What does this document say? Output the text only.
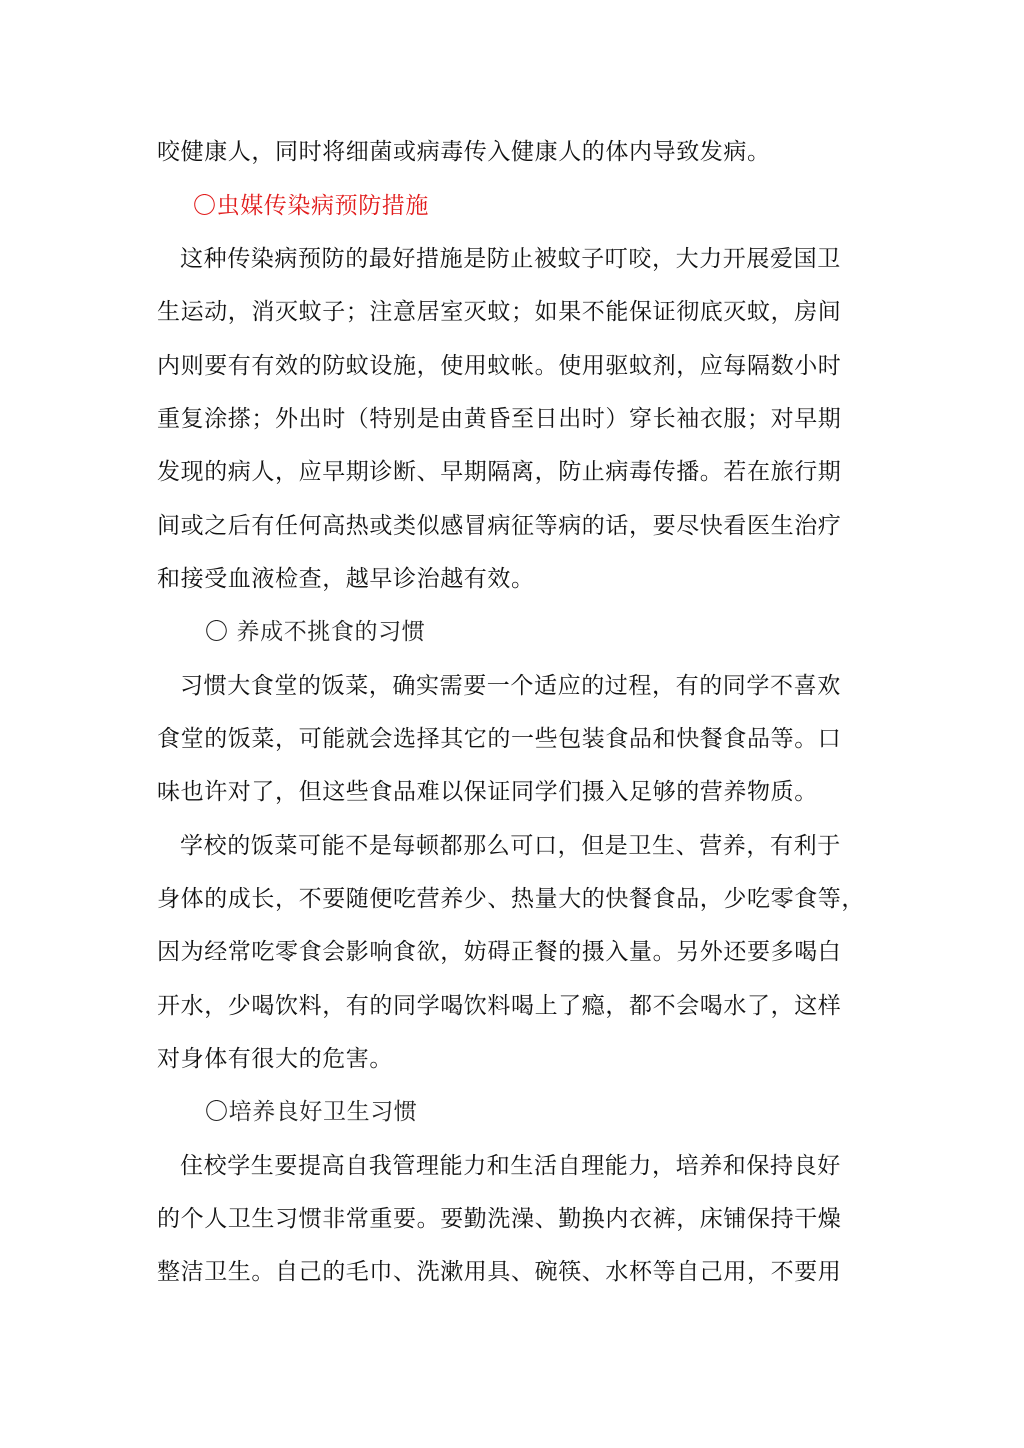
咬健康人，同时将细菌或病毒传入健康人的体内导致发病。
〇虫媒传染病预防措施
这种传染病预防的最好措施是防止被蚊子叮咬，大力开展爱国卫
生运动，消灭蚊子；注意居室灭蚊；如果不能保证彻底灭蚊，房间
内则要有有效的防蚊设施，使用蚊帐。使用驱蚊剂，应每隔数小时
重复涂搽；外出时（特别是由黄昏至日出时）穿长袖衣服；对早期
发现的病人，应早期诊断、早期隔离，防止病毒传播。若在旅行期
间或之后有任何高热或类似感冒病征等病的话，要尽快看医生治疗
和接受血液检查，越早诊治越有效。
〇 养成不挑食的习惯
习惯大食堂的饭菜，确实需要一个适应的过程，有的同学不喜欢
食堂的饭菜，可能就会选择其它的一些包装食品和快餐食品等。口
味也许对了，但这些食品难以保证同学们摄入足够的营养物质。
学校的饭菜可能不是每顿都那么可口，但是卫生、营养，有利于
身体的成长，不要随便吃营养少、热量大的快餐食品，少吃零食等，
因为经常吃零食会影响食欲，妨碍正餐的摄入量。另外还要多喝白
开水，少喝饮料，有的同学喝饮料喝上了瘾，都不会喝水了，这样
对身体有很大的危害。
〇培养良好卫生习惯
住校学生要提高自我管理能力和生活自理能力，培养和保持良好
的个人卫生习惯非常重要。要勤洗澡、勤换内衣裤，床铺保持干燥
整洁卫生。自己的毛巾、洗漱用具、碗筷、水杯等自己用，不要用
